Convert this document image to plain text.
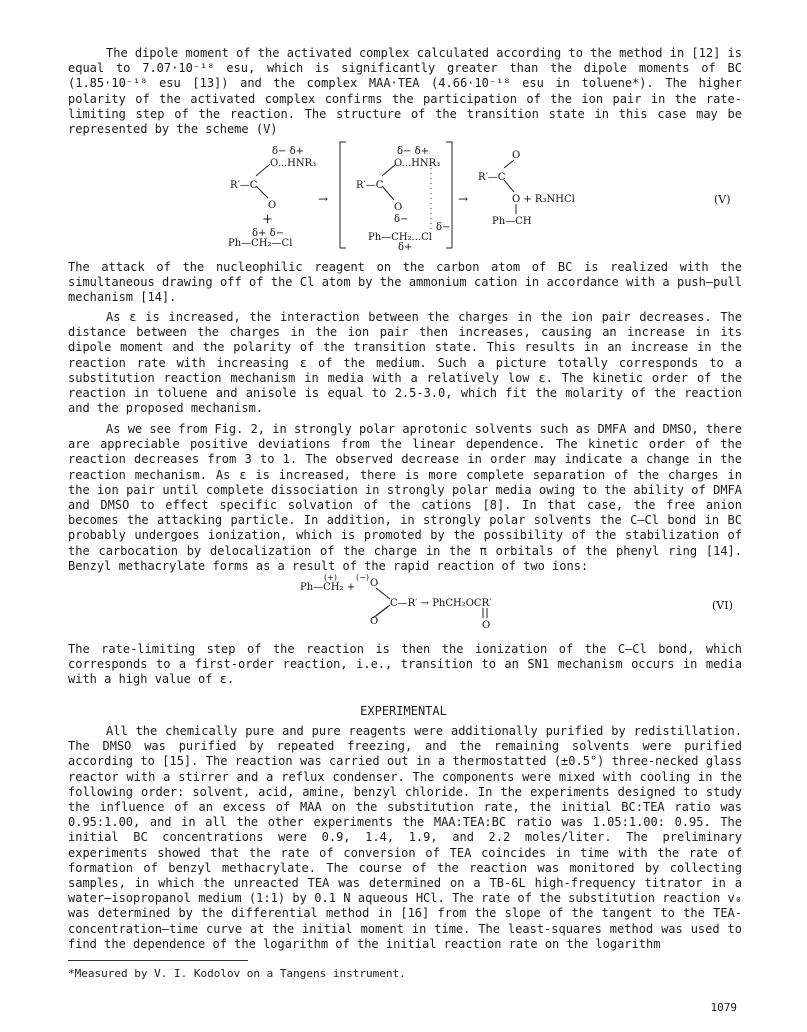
The dipole moment of the activated complex calculated according to the method in [12] is equal to 7.07·10⁻¹⁸ esu, which is significantly greater than the dipole moments of BC (1.85·10⁻¹⁸ esu [13]) and the complex MAA·TEA (4.66·10⁻¹⁸ esu in toluene*). The higher polarity of the activated complex confirms the participation of the ion pair in the rate-limiting step of the reaction. The structure of the transition state in this case may be represented by the scheme (V)

δ− δ+
O...HNR₃
R′—C
O
+
δ+ δ−
Ph—CH₂—Cl
→
δ− δ+
O...HNR₃
R′—C
O
δ−
δ−
Ph—CH₂...Cl
δ+
→
O
R′—C
O + R₃NHCl
Ph—CH
(V)

The attack of the nucleophilic reagent on the carbon atom of BC is realized with the simultaneous drawing off of the Cl atom by the ammonium cation in accordance with a push–pull mechanism [14].

As ε is increased, the interaction between the charges in the ion pair decreases. The distance between the charges in the ion pair then increases, causing an increase in its dipole moment and the polarity of the transition state. This results in an increase in the reaction rate with increasing ε of the medium. Such a picture totally corresponds to a substitution reaction mechanism in media with a relatively low ε. The kinetic order of the reaction in toluene and anisole is equal to 2.5-3.0, which fit the molarity of the reaction and the proposed mechanism.

As we see from Fig. 2, in strongly polar aprotonic solvents such as DMFA and DMSO, there are appreciable positive deviations from the linear dependence. The kinetic order of the reaction decreases from 3 to 1. The observed decrease in order may indicate a change in the reaction mechanism. As ε is increased, there is more complete separation of the charges in the ion pair until complete dissociation in strongly polar media owing to the ability of DMFA and DMSO to effect specific solvation of the cations [8]. In that case, the free anion becomes the attacking particle. In addition, in strongly polar solvents the C–Cl bond in BC probably undergoes ionization, which is promoted by the possibility of the stabilization of the carbocation by delocalization of the charge in the π orbitals of the phenyl ring [14]. Benzyl methacrylate forms as a result of the rapid reaction of two ions:

(+) (−)
Ph—CH₂ + O
C—R′ → PhCH₂OCR′
O	O
(VI)

The rate-limiting step of the reaction is then the ionization of the C–Cl bond, which corresponds to a first-order reaction, i.e., transition to an SN1 mechanism occurs in media with a high value of ε.

EXPERIMENTAL

All the chemically pure and pure reagents were additionally purified by redistillation. The DMSO was purified by repeated freezing, and the remaining solvents were purified according to [15]. The reaction was carried out in a thermostatted (±0.5°) three-necked glass reactor with a stirrer and a reflux condenser. The components were mixed with cooling in the following order: solvent, acid, amine, benzyl chloride. In the experiments designed to study the influence of an excess of MAA on the substitution rate, the initial BC:TEA ratio was 0.95:1.00, and in all the other experiments the MAA:TEA:BC ratio was 1.05:1.00: 0.95. The initial BC concentrations were 0.9, 1.4, 1.9, and 2.2 moles/liter. The preliminary experiments showed that the rate of conversion of TEA coincides in time with the rate of formation of benzyl methacrylate. The course of the reaction was monitored by collecting samples, in which the unreacted TEA was determined on a TB-6L high-frequency titrator in a water–isopropanol medium (1:1) by 0.1 N aqueous HCl. The rate of the substitution reaction v₀ was determined by the differential method in [16] from the slope of the tangent to the TEA-concentration–time curve at the initial moment in time. The least-squares method was used to find the dependence of the logarithm of the initial reaction rate on the logarithm

*Measured by V. I. Kodolov on a Tangens instrument.
1079
